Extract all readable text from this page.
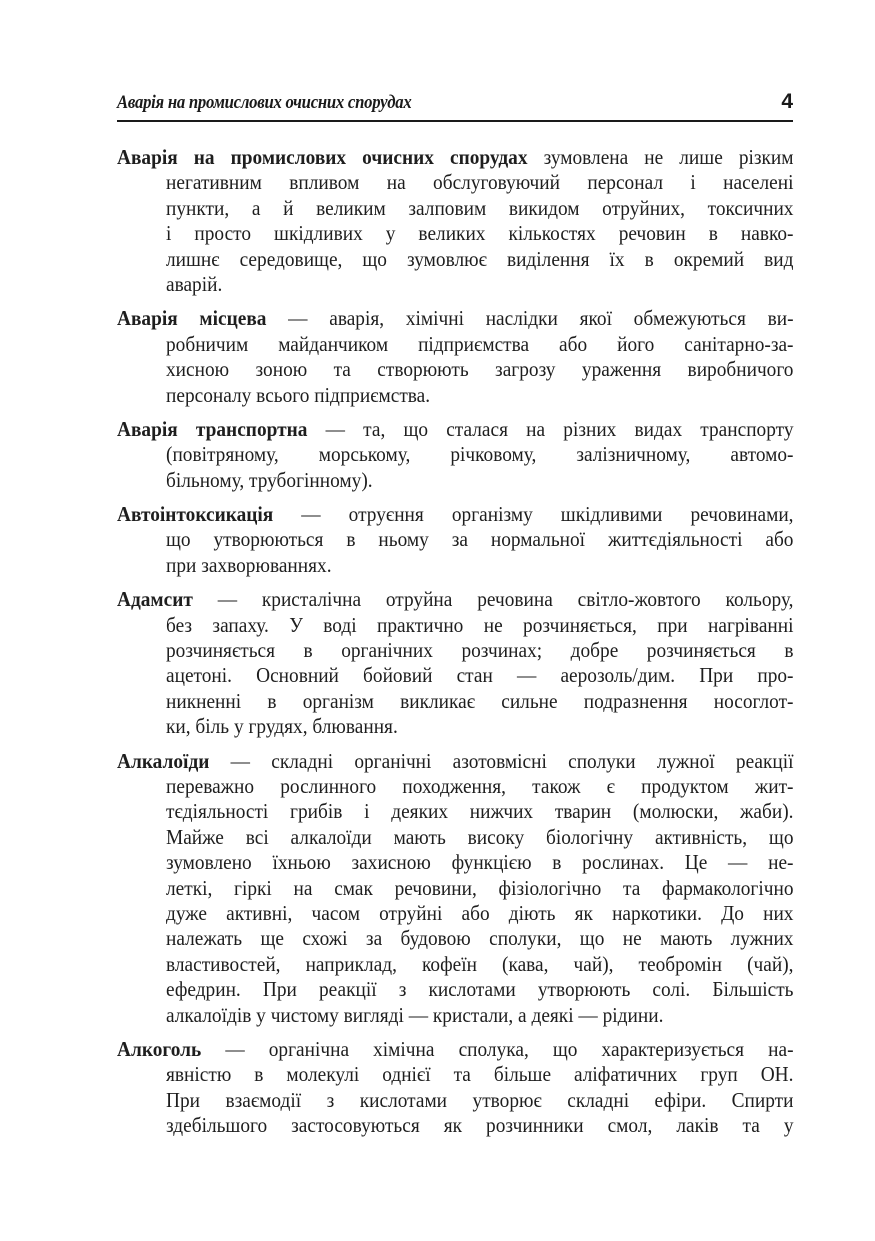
Аварія на промислових очисних спорудах	4
Аварія на промислових очисних спорудах зумовлена не лише різким
негативним впливом на обслуговуючий персонал і населені
пункти, а й великим залповим викидом отруйних, токсичних
і просто шкідливих у великих кількостях речовин в навко-
лишнє середовище, що зумовлює виділення їх в окремий вид
аварій.
Аварія місцева — аварія, хімічні наслідки якої обмежуються ви-
робничим майданчиком підприємства або його санітарно-за-
хисною зоною та створюють загрозу ураження виробничого
персоналу всього підприємства.
Аварія транспортна — та, що сталася на різних видах транспорту
(повітряному, морському, річковому, залізничному, автомо-
більному, трубогінному).
Автоінтоксикація — отруєння організму шкідливими речовинами,
що утворюються в ньому за нормальної життєдіяльності або
при захворюваннях.
Адамсит — кристалічна отруйна речовина світло-жовтого кольору,
без запаху. У воді практично не розчиняється, при нагріванні
розчиняється в органічних розчинах; добре розчиняється в
ацетоні. Основний бойовий стан — аерозоль/дим. При про-
никненні в організм викликає сильне подразнення носоглот-
ки, біль у грудях, блювання.
Алкалоїди — складні органічні азотовмісні сполуки лужної реакції
переважно рослинного походження, також є продуктом жит-
тєдіяльності грибів і деяких нижчих тварин (молюски, жаби).
Майже всі алкалоїди мають високу біологічну активність, що
зумовлено їхньою захисною функцією в рослинах. Це — не-
леткі, гіркі на смак речовини, фізіологічно та фармакологічно
дуже активні, часом отруйні або діють як наркотики. До них
належать ще схожі за будовою сполуки, що не мають лужних
властивостей, наприклад, кофеїн (кава, чай), теобромін (чай),
ефедрин. При реакції з кислотами утворюють солі. Більшість
алкалоїдів у чистому вигляді — кристали, а деякі — рідини.
Алкоголь — органічна хімічна сполука, що характеризується на-
явністю в молекулі однієї та більше аліфатичних груп ОН.
При взаємодії з кислотами утворює складні ефіри. Спирти
здебільшого застосовуються як розчинники смол, лаків та у
